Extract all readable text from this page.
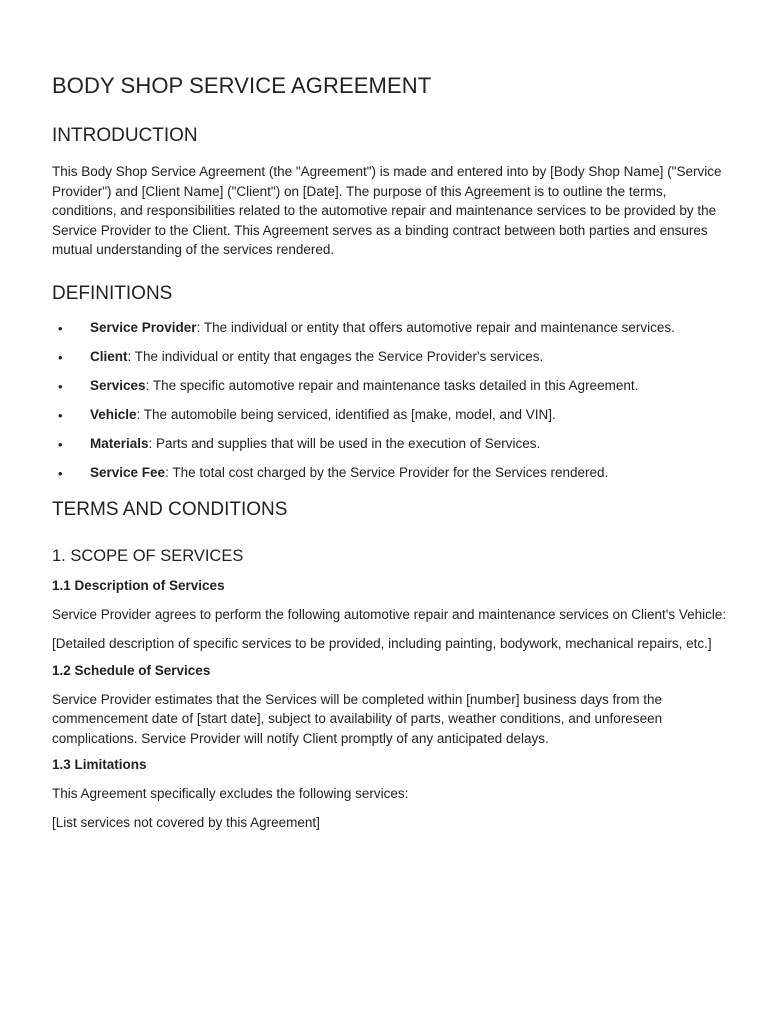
BODY SHOP SERVICE AGREEMENT
INTRODUCTION

This Body Shop Service Agreement (the "Agreement") is made and entered into by [Body Shop Name] ("Service Provider") and [Client Name] ("Client") on [Date]. The purpose of this Agreement is to outline the terms, conditions, and responsibilities related to the automotive repair and maintenance services to be provided by the Service Provider to the Client. This Agreement serves as a binding contract between both parties and ensures mutual understanding of the services rendered.

DEFINITIONS
• Service Provider: The individual or entity that offers automotive repair and maintenance services.
• Client: The individual or entity that engages the Service Provider's services.
• Services: The specific automotive repair and maintenance tasks detailed in this Agreement.
• Vehicle: The automobile being serviced, identified as [make, model, and VIN].
• Materials: Parts and supplies that will be used in the execution of Services.
• Service Fee: The total cost charged by the Service Provider for the Services rendered.
TERMS AND CONDITIONS
1. SCOPE OF SERVICES
1.1 Description of Services

Service Provider agrees to perform the following automotive repair and maintenance services on Client's Vehicle:

[Detailed description of specific services to be provided, including painting, bodywork, mechanical repairs, etc.]

1.2 Schedule of Services

Service Provider estimates that the Services will be completed within [number] business days from the commencement date of [start date], subject to availability of parts, weather conditions, and unforeseen complications. Service Provider will notify Client promptly of any anticipated delays.

1.3 Limitations

This Agreement specifically excludes the following services:

[List services not covered by this Agreement]
